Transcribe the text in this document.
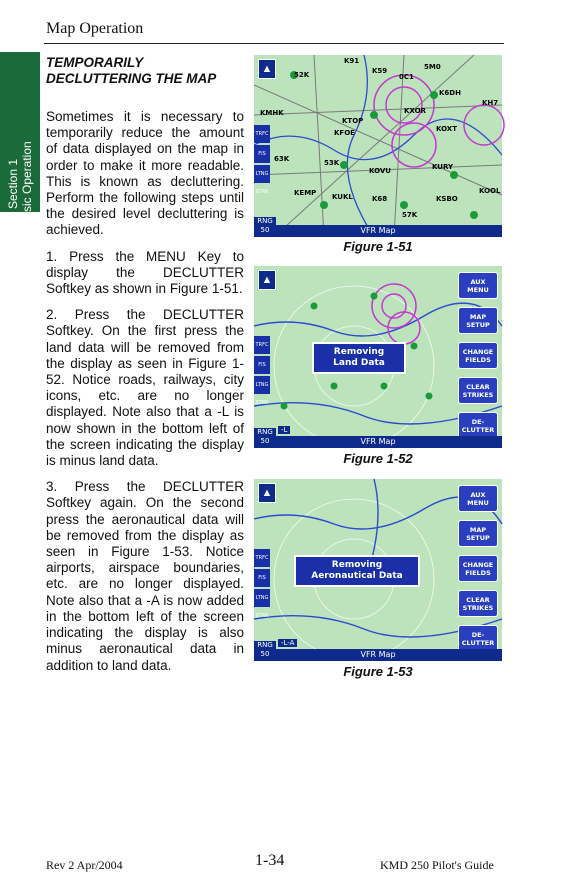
Map Operation
Section 1 Basic Operation
TEMPORARILY DECLUTTERING THE MAP

Sometimes it is necessary to temporarily reduce the amount of data displayed on the map in order to make it more readable. This is known as decluttering. Perform the following steps until the desired level decluttering is achieved.

1. Press the MENU Key to display the DECLUTTER Softkey as shown in Figure 1-51.

2. Press the DECLUTTER Softkey. On the first press the land data will be removed from the display as seen in Figure 1-52. Notice roads, railways, city icons, etc. are no longer displayed. Note also that a -L is now shown in the bottom left of the screen indicating the display is minus land data.

3. Press the DECLUTTER Softkey again. On the second press the aeronautical data will be removed from the display as seen in Figure 1-53. Notice airports, airspace boundaries, etc. are no longer displayed. Note also that a -A is now added in the bottom left of the screen indicating the display is also minus aeronautical data in addition to land data.

K91
5M0
52K	K59
0C1
K6DH
KH7
KMHK
KTOP
KXOR
KOXT
KFOE
63K	53K
KOVU	KURY
KEMP KUKL	K68
KOOL
57K
KSBO
▲
TRFC
FIS
LTNG STRK
VFR Map
RNG
50
Figure 1-51
▲
TRFC
FIS
LTNG STRK
Removing Land Data
AUX MENU
MAP SETUP
CHANGE FIELDS
CLEAR STRIKES
DE-CLUTTER
-L
VFR Map
RNG
50
Figure 1-52
▲
TRFC
FIS
LTNG STRK
Removing Aeronautical Data
AUX MENU
MAP SETUP
CHANGE FIELDS
CLEAR STRIKES
DE-CLUTTER
-L-A
VFR Map
RNG
50
Figure 1-53
Rev 2 Apr/2004	1-34	KMD 250 Pilot's Guide
